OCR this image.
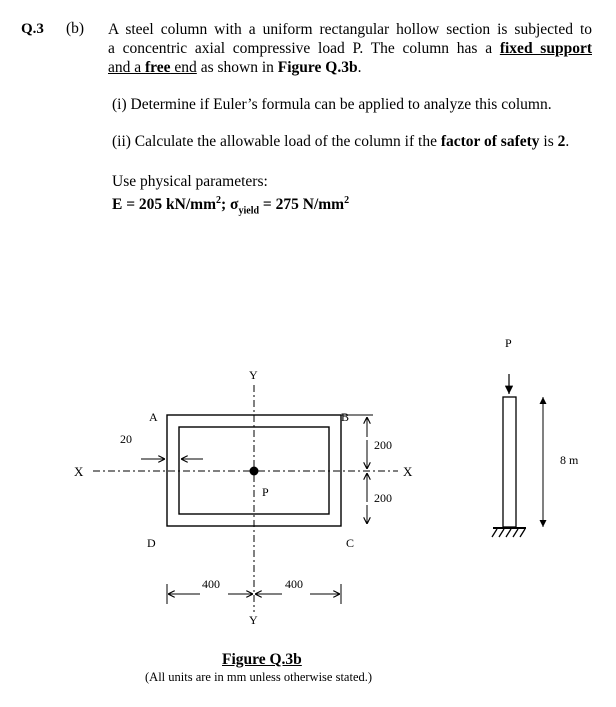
Q.3 (b) A steel column with a uniform rectangular hollow section is subjected to
a concentric axial compressive load P. The column has a fixed support
and a free end as shown in Figure Q.3b.
(i) Determine if Euler’s formula can be applied to analyze this column.
(ii) Calculate the allowable load of the column if the factor of safety is 2.
Use physical parameters:
E = 205 $kN/mm^2$; $\sigma_{yield} = 275$ $N/mm^2$
A	B
C
D
X	X
Y
Y
P
P
20	200
200
400	400
8 m
Figure Q.3b
(All units are in mm unless otherwise stated.)
